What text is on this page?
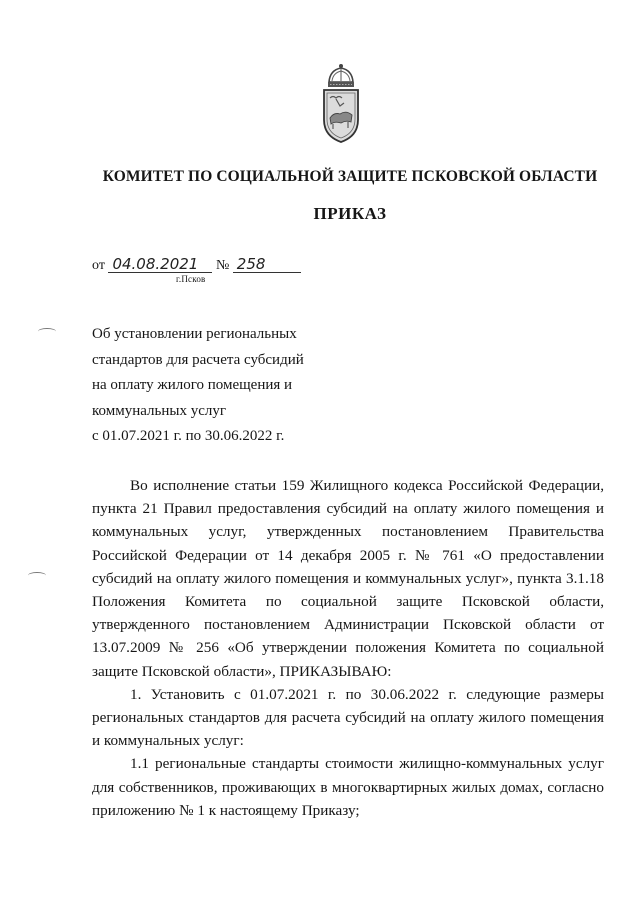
КОМИТЕТ ПО СОЦИАЛЬНОЙ ЗАЩИТЕ ПСКОВСКОЙ ОБЛАСТИ
ПРИКАЗ
от 04.08.2021 № 258
г.Псков
Об установлении региональных
стандартов для расчета субсидий
на оплату жилого помещения и
коммунальных услуг
с 01.07.2021 г. по 30.06.2022 г.

Во исполнение статьи 159 Жилищного кодекса Российской Федерации, пункта 21 Правил предоставления субсидий на оплату жилого помещения и коммунальных услуг, утвержденных постановлением Правительства Российской Федерации от 14 декабря 2005 г. № 761 «О предоставлении субсидий на оплату жилого помещения и коммунальных услуг», пункта 3.1.18 Положения Комитета по социальной защите Псковской области, утвержденного постановлением Администрации Псковской области от 13.07.2009 № 256 «Об утверждении положения Комитета по социальной защите Псковской области», ПРИКАЗЫВАЮ:

1. Установить с 01.07.2021 г. по 30.06.2022 г. следующие размеры региональных стандартов для расчета субсидий на оплату жилого помещения и коммунальных услуг:

1.1 региональные стандарты стоимости жилищно-коммунальных услуг для собственников, проживающих в многоквартирных жилых домах, согласно приложению № 1 к настоящему Приказу;
